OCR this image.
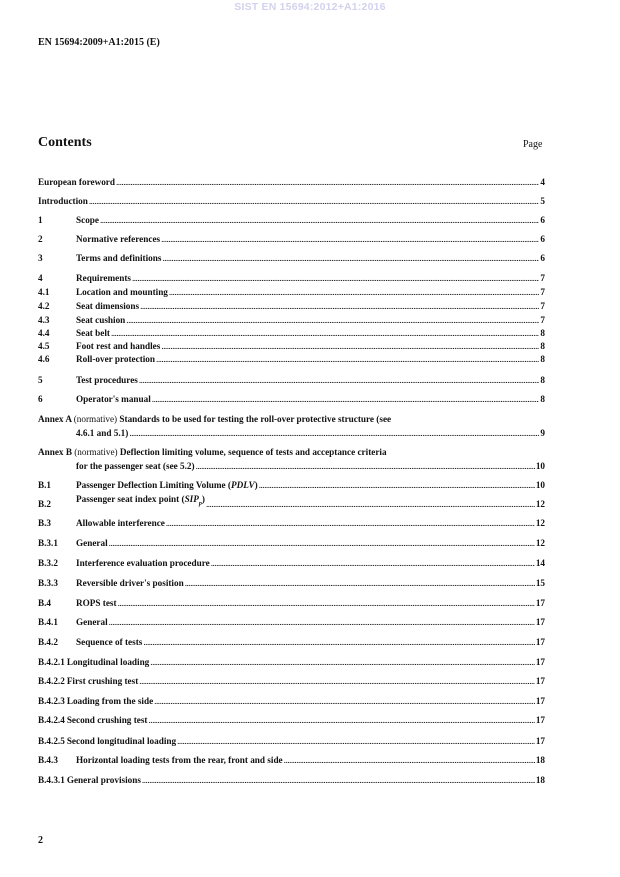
SIST EN 15694:2012+A1:2016
EN 15694:2009+A1:2015 (E)
Contents	Page
European foreword .....	4
Introduction .....	5
1	Scope .....	6
2	Normative references .....	6
3	Terms and definitions .....	6
4	Requirements .....	7
4.1	Location and mounting .....	7
4.2	Seat dimensions .....	7
4.3	Seat cushion .....	7
4.4	Seat belt .....	8
4.5	Foot rest and handles .....	8
4.6	Roll-over protection .....	8
5	Test procedures .....	8
6	Operator's manual .....	8
Annex A (normative) Standards to be used for testing the roll-over protective structure (see
4.6.1 and 5.1) .....	9
Annex B (normative) Deflection limiting volume, sequence of tests and acceptance criteria
for the passenger seat (see 5.2) .....	10
B.1	Passenger Deflection Limiting Volume (PDLV) .....	10
B.2	Passenger seat index point $(SIP_p)$ .....	12
B.3	Allowable interference .....	12
B.3.1	General .....	12
B.3.2	Interference evaluation procedure .....	14
B.3.3	Reversible driver's position .....	15
B.4	ROPS test .....	17
B.4.1	General .....	17
B.4.2	Sequence of tests .....	17
B.4.2.1 Longitudinal loading .....	17
B.4.2.2 First crushing test .....	17
B.4.2.3 Loading from the side .....	17
B.4.2.4 Second crushing test .....	17
B.4.2.5 Second longitudinal loading .....	17
B.4.3	Horizontal loading tests from the rear, front and side .....	18
B.4.3.1 General provisions .....	18
2
